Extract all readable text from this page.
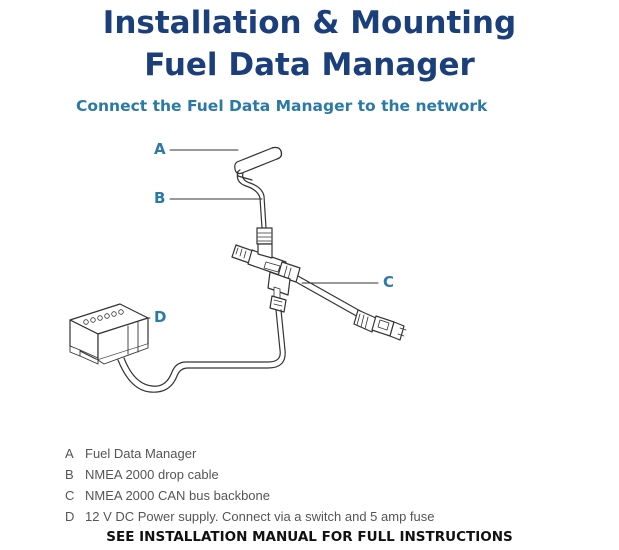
Installation & Mounting
Fuel Data Manager
Connect the Fuel Data Manager to the network
A
B
C
D
A Fuel Data Manager
B NMEA 2000 drop cable
C NMEA 2000 CAN bus backbone
D 12 V DC Power supply. Connect via a switch and 5 amp fuse
SEE INSTALLATION MANUAL FOR FULL INSTRUCTIONS
